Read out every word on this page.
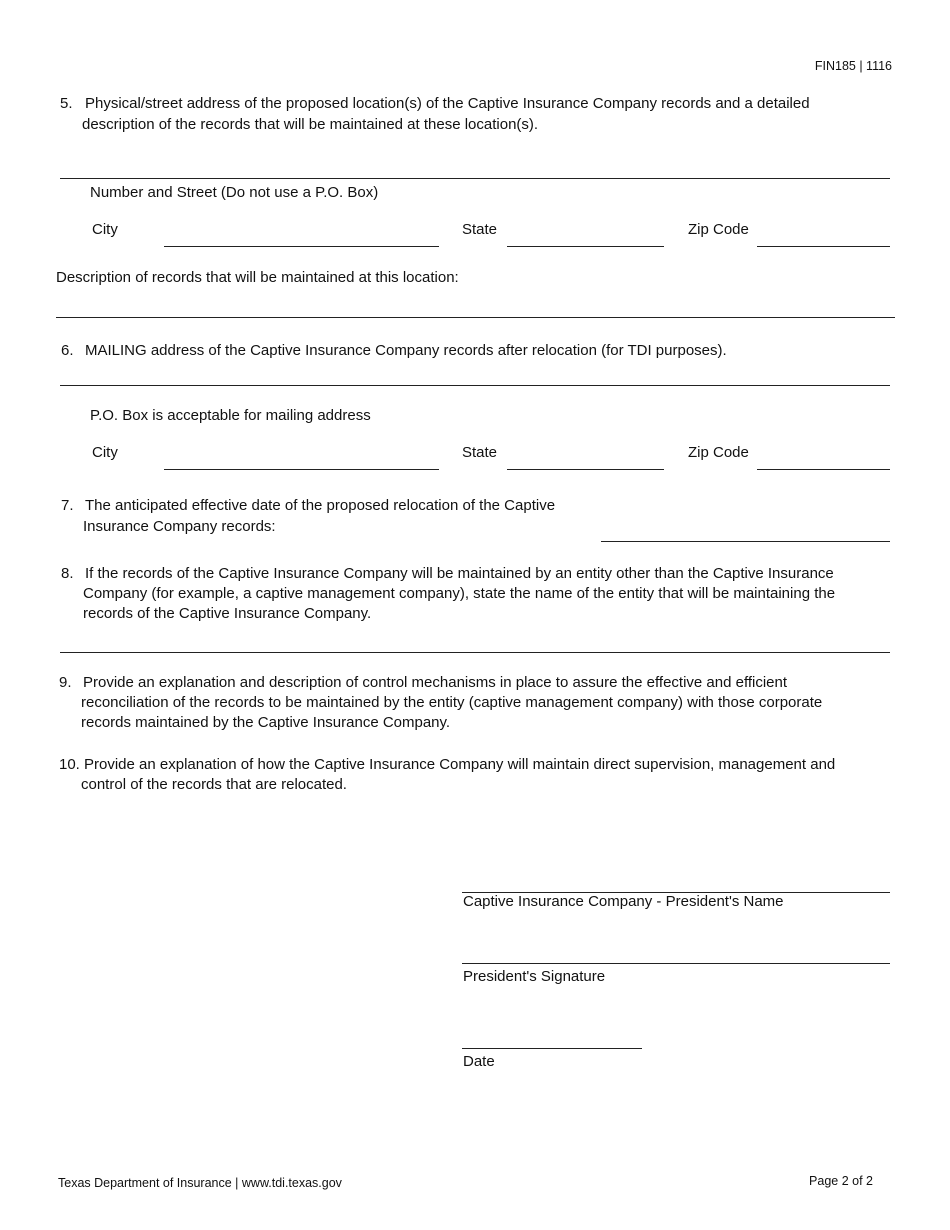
FIN185 | 1116
5. Physical/street address of the proposed location(s) of the Captive Insurance Company records and a detailed
description of the records that will be maintained at these location(s).
Number and Street (Do not use a P.O. Box)
City	State	Zip Code
Description of records that will be maintained at this location:
6. MAILING address of the Captive Insurance Company records after relocation (for TDI purposes).
P.O. Box is acceptable for mailing address
City	State	Zip Code
7. The anticipated effective date of the proposed relocation of the Captive
Insurance Company records:
8. If the records of the Captive Insurance Company will be maintained by an entity other than the Captive Insurance
Company (for example, a captive management company), state the name of the entity that will be maintaining the
records of the Captive Insurance Company.
9. Provide an explanation and description of control mechanisms in place to assure the effective and efficient
reconciliation of the records to be maintained by the entity (captive management company) with those corporate
records maintained by the Captive Insurance Company.
10. Provide an explanation of how the Captive Insurance Company will maintain direct supervision, management and
control of the records that are relocated.
Captive Insurance Company - President's Name
President's Signature
Date
Texas Department of Insurance | www.tdi.texas.gov	Page 2 of 2
